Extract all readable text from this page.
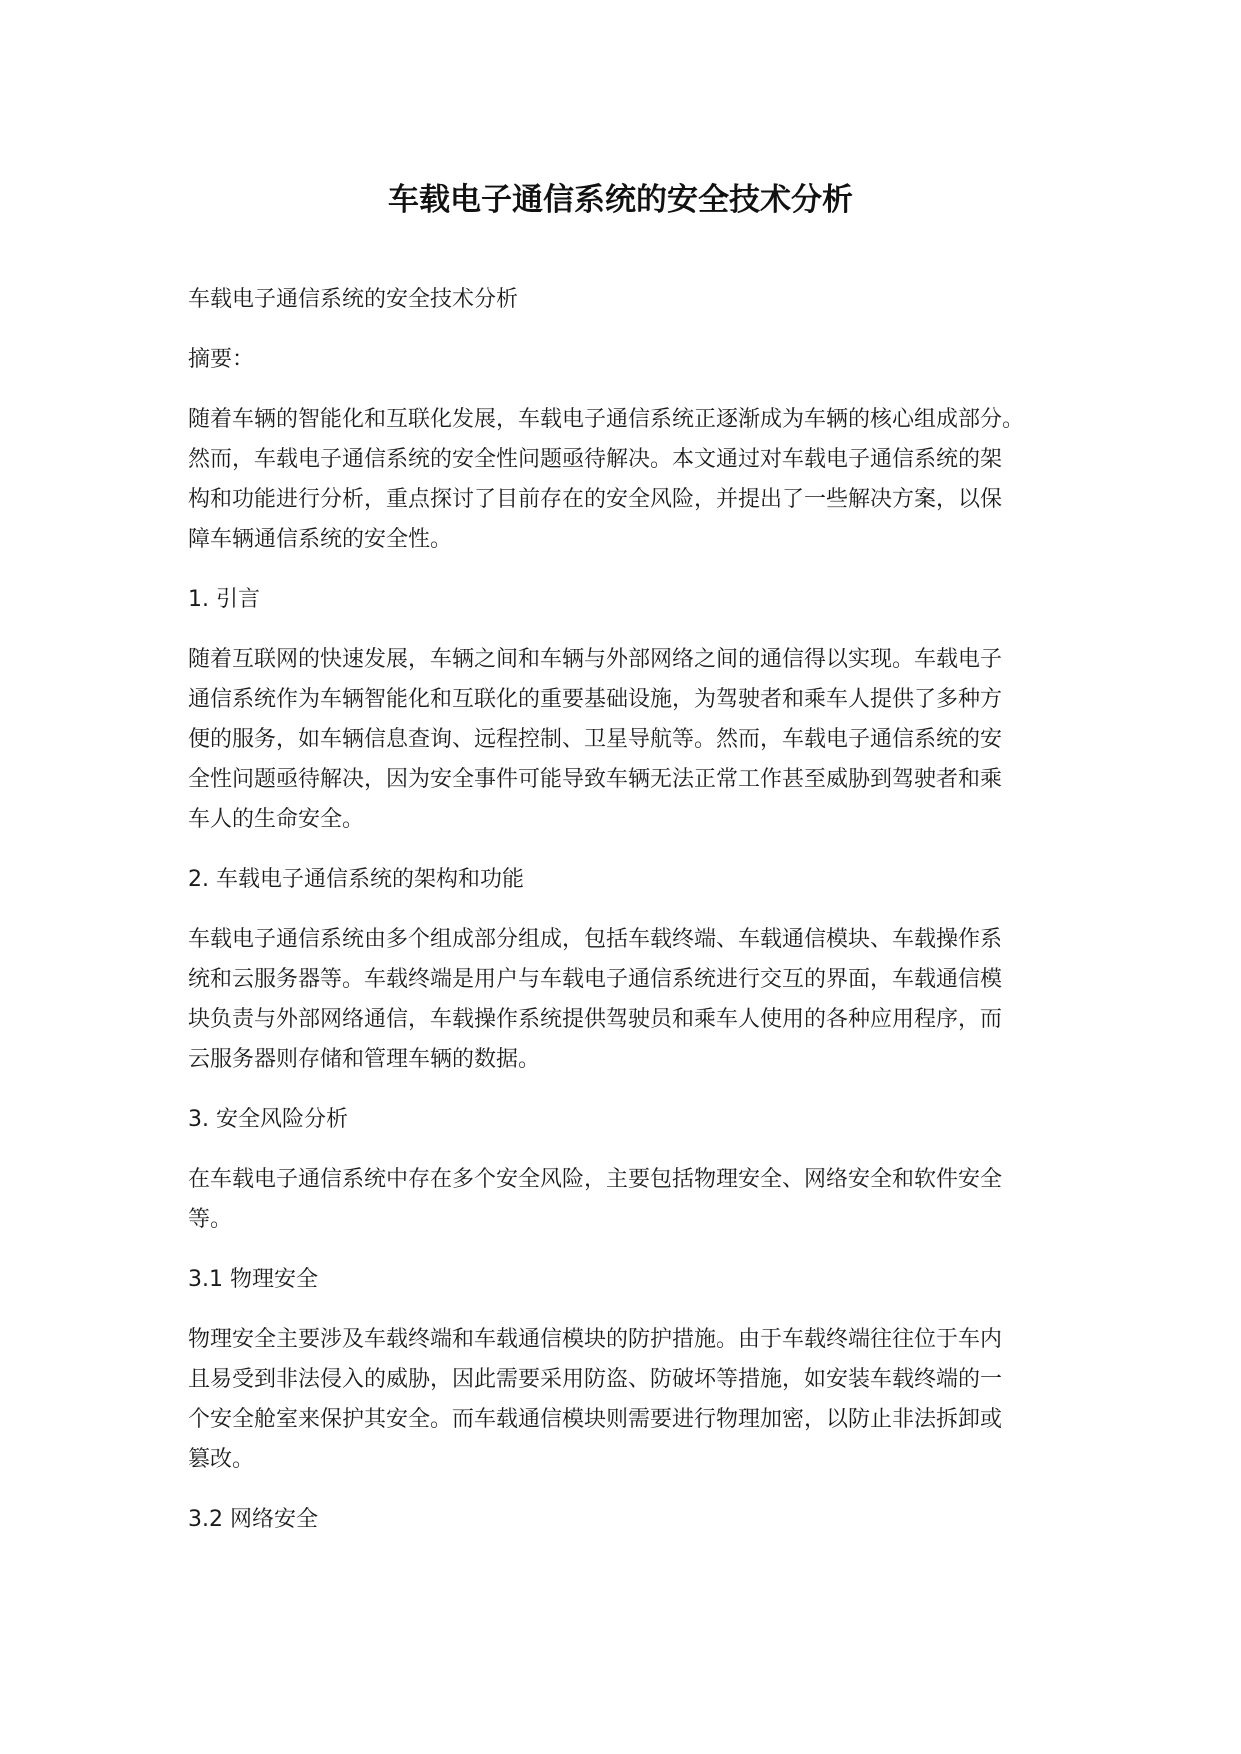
车载电子通信系统的安全技术分析
车载电子通信系统的安全技术分析
摘要：
随着车辆的智能化和互联化发展，车载电子通信系统正逐渐成为车辆的核心组成部分。
然而，车载电子通信系统的安全性问题亟待解决。本文通过对车载电子通信系统的架
构和功能进行分析，重点探讨了目前存在的安全风险，并提出了一些解决方案，以保
障车辆通信系统的安全性。
1. 引言
随着互联网的快速发展，车辆之间和车辆与外部网络之间的通信得以实现。车载电子
通信系统作为车辆智能化和互联化的重要基础设施，为驾驶者和乘车人提供了多种方
便的服务，如车辆信息查询、远程控制、卫星导航等。然而，车载电子通信系统的安
全性问题亟待解决，因为安全事件可能导致车辆无法正常工作甚至威胁到驾驶者和乘
车人的生命安全。
2. 车载电子通信系统的架构和功能
车载电子通信系统由多个组成部分组成，包括车载终端、车载通信模块、车载操作系
统和云服务器等。车载终端是用户与车载电子通信系统进行交互的界面，车载通信模
块负责与外部网络通信，车载操作系统提供驾驶员和乘车人使用的各种应用程序，而
云服务器则存储和管理车辆的数据。
3. 安全风险分析
在车载电子通信系统中存在多个安全风险，主要包括物理安全、网络安全和软件安全
等。
3.1 物理安全
物理安全主要涉及车载终端和车载通信模块的防护措施。由于车载终端往往位于车内
且易受到非法侵入的威胁，因此需要采用防盗、防破坏等措施，如安装车载终端的一
个安全舱室来保护其安全。而车载通信模块则需要进行物理加密，以防止非法拆卸或
篡改。
3.2 网络安全
